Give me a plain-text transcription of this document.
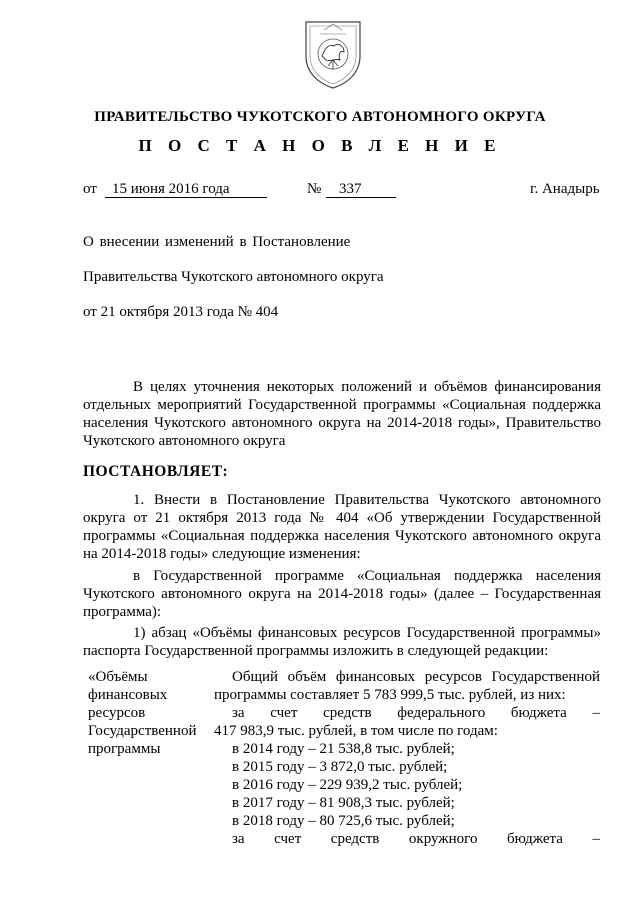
ПРАВИТЕЛЬСТВО ЧУКОТСКОГО АВТОНОМНОГО ОКРУГА
П О С Т А Н О В Л Е Н И Е
от 15 июня 2016 года	№ 337	г. Анадырь
О внесении изменений в Постановление
Правительства Чукотского автономного округа
от 21 октября 2013 года № 404
В целях уточнения некоторых положений и объёмов финансирования
отдельных мероприятий Государственной программы «Социальная поддержка
населения Чукотского автономного округа на 2014-2018 годы», Правительство
Чукотского автономного округа
ПОСТАНОВЛЯЕТ:
1. Внести в Постановление Правительства Чукотского автономного
округа от 21 октября 2013 года № 404 «Об утверждении Государственной
программы «Социальная поддержка населения Чукотского автономного округа
на 2014-2018 годы» следующие изменения:
в Государственной программе «Социальная поддержка населения
Чукотского автономного округа на 2014-2018 годы» (далее – Государственная
программа):
1) абзац «Объёмы финансовых ресурсов Государственной программы»
паспорта Государственной программы изложить в следующей редакции:
«Объёмы
финансовых
ресурсов
Государственной
программы
Общий объём финансовых ресурсов Государственной
программы составляет 5 783 999,5 тыс. рублей, из них:
за счет средств федерального бюджета –
417 983,9 тыс. рублей, в том числе по годам:
в 2014 году – 21 538,8 тыс. рублей;
в 2015 году – 3 872,0 тыс. рублей;
в 2016 году – 229 939,2 тыс. рублей;
в 2017 году – 81 908,3 тыс. рублей;
в 2018 году – 80 725,6 тыс. рублей;
за счет средств окружного бюджета –
